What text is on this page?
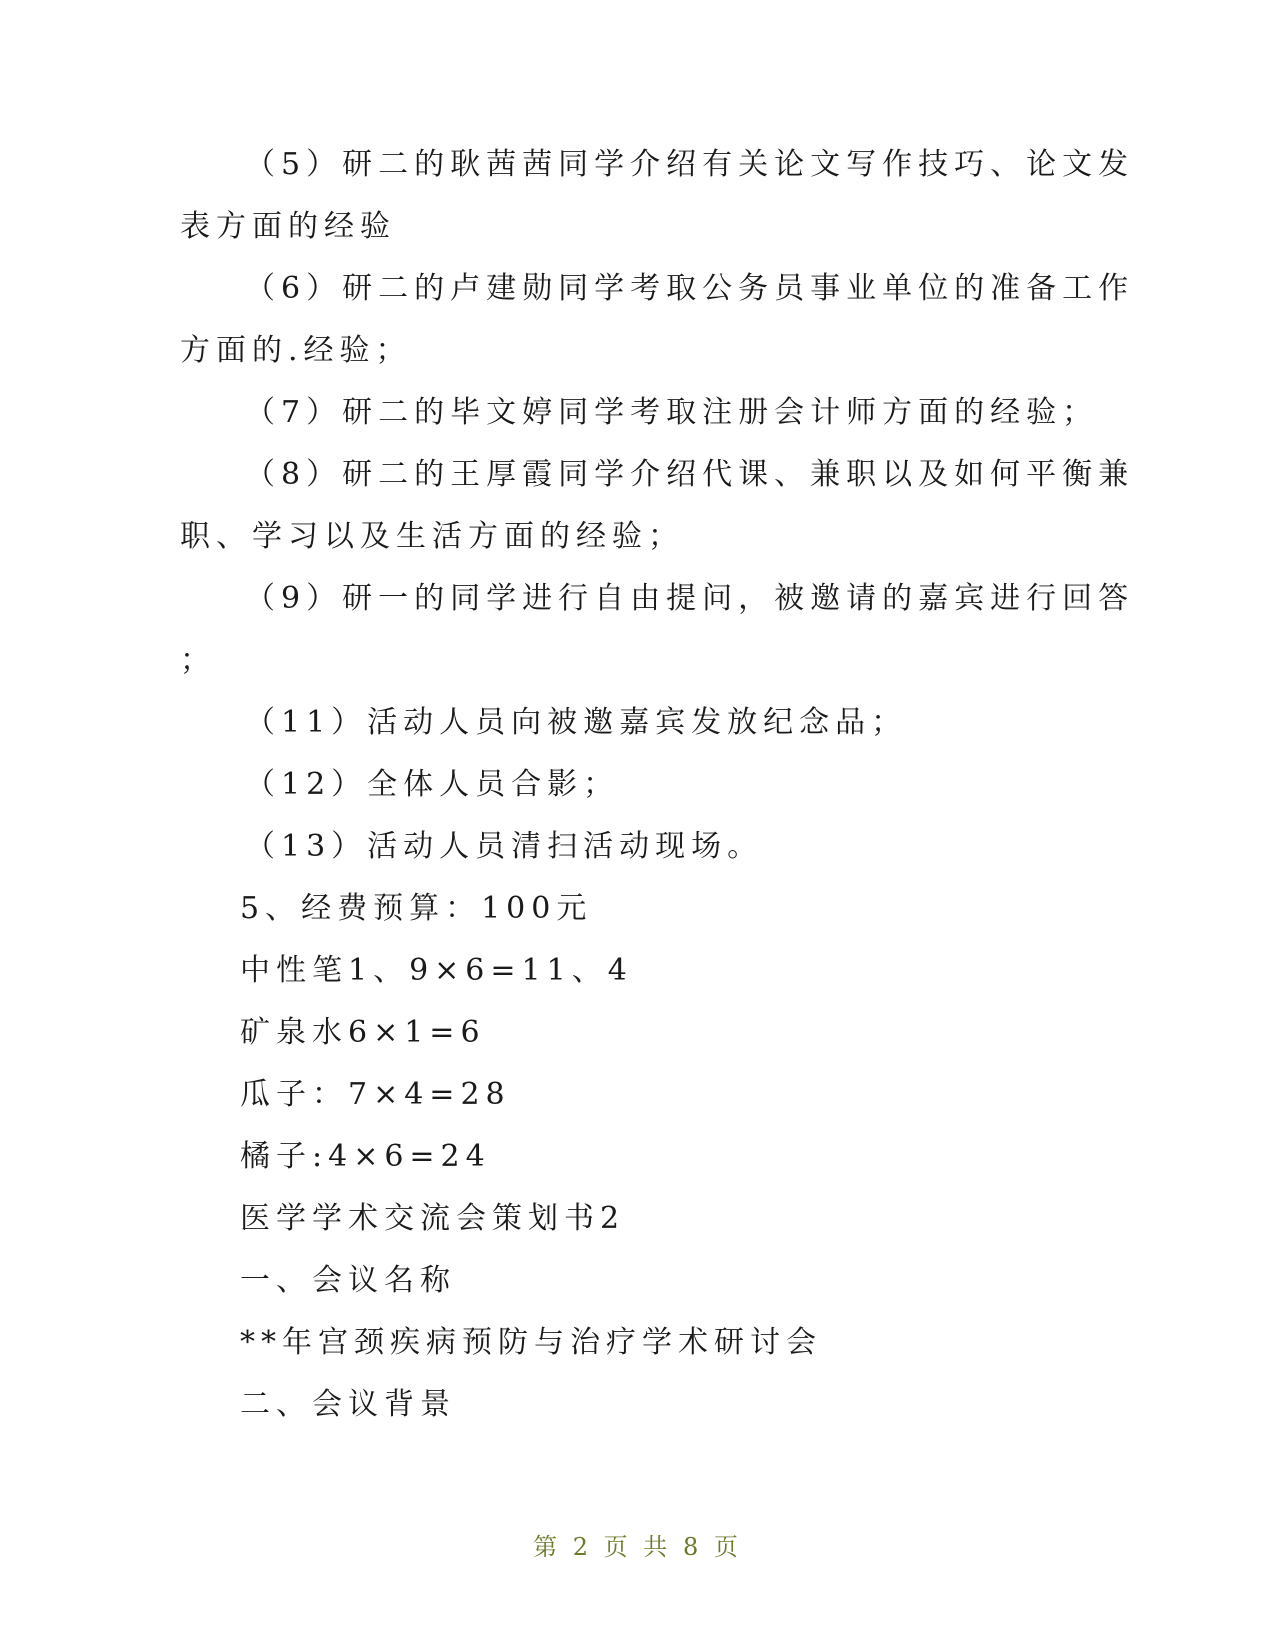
（5）研二的耿茜茜同学介绍有关论文写作技巧、论文发
表方面的经验
（6）研二的卢建勋同学考取公务员事业单位的准备工作
方面的.经验；
（7）研二的毕文婷同学考取注册会计师方面的经验；
（8）研二的王厚霞同学介绍代课、兼职以及如何平衡兼
职、学习以及生活方面的经验；
（9）研一的同学进行自由提问，被邀请的嘉宾进行回答
；
（11）活动人员向被邀嘉宾发放纪念品；
（12）全体人员合影；
（13）活动人员清扫活动现场。
5、经费预算：100元
中性笔1、9×6=11、4
矿泉水6×1=6
瓜子：7×4=28
橘子:4×6=24
医学学术交流会策划书2
一、会议名称
**年宫颈疾病预防与治疗学术研讨会
二、会议背景
第 2 页 共 8 页
